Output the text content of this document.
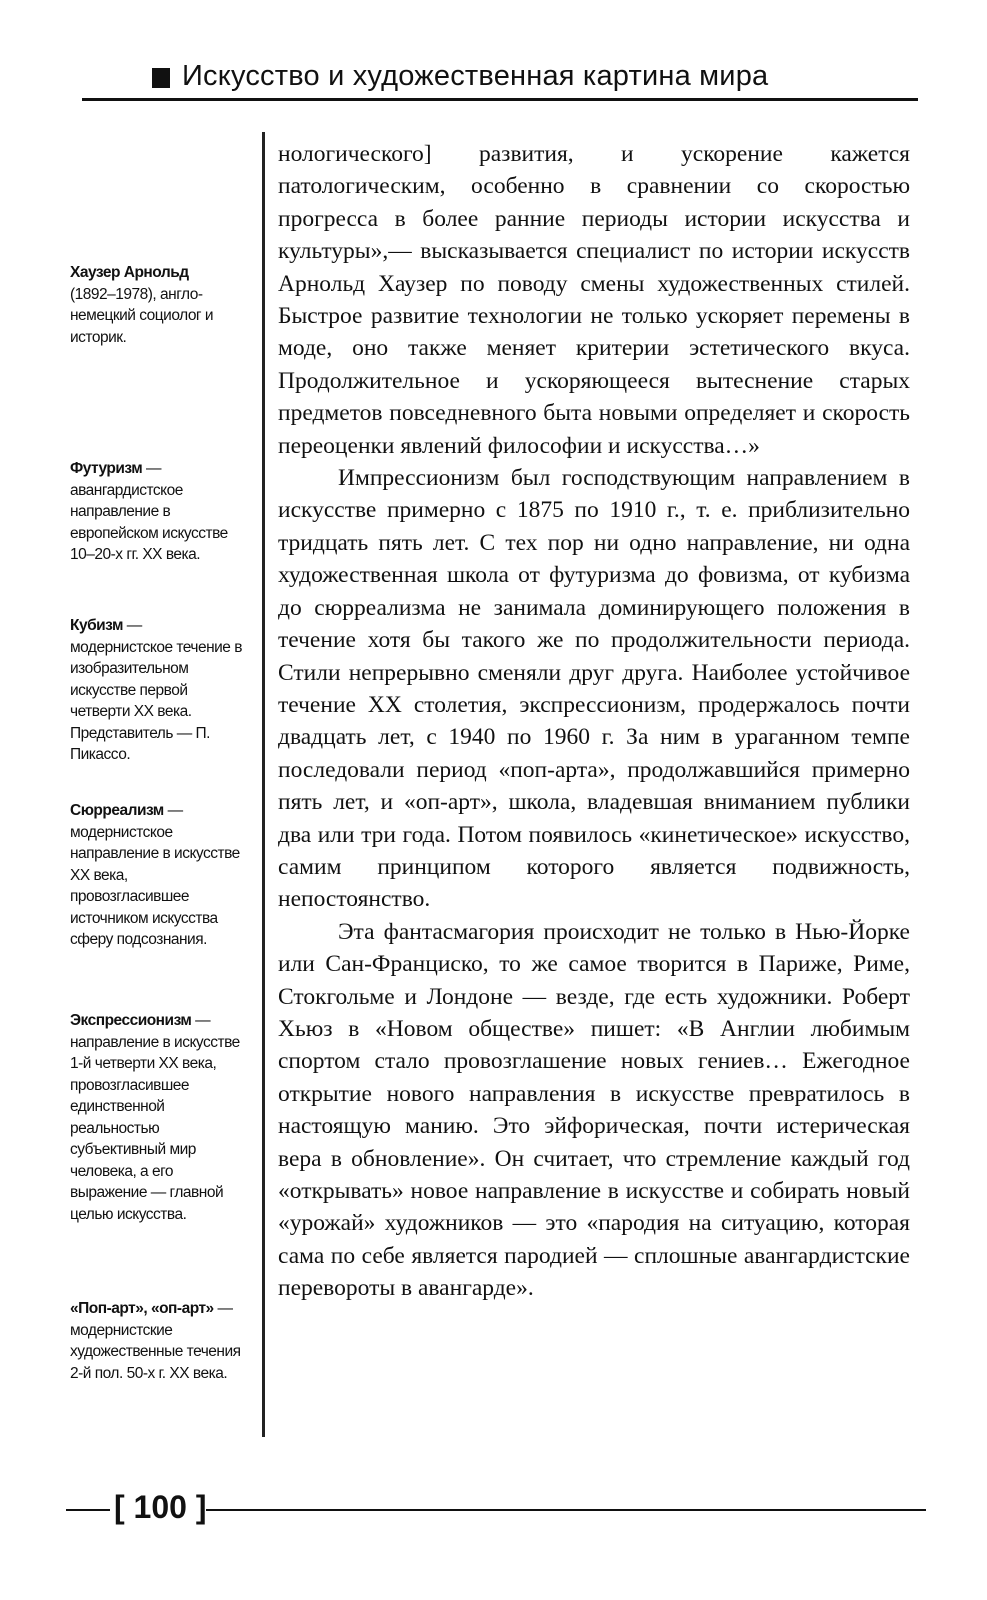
Искусство и художественная картина мира
Хаузер Арнольд
(1892–1978), англо-немецкий социолог и историк.
Футуризм — авангардистское направление в европейском искусстве 10–20-х гг. XX века.
Кубизм — модернистское течение в изобразительном искусстве первой четверти XX века. Представитель — П. Пикассо.
Сюрреализм — модернистское направление в искусстве XX века, провозгласившее источником искусства сферу подсознания.
Экспрессионизм — направление в искусстве 1-й четверти XX века, провозгласившее единственной реальностью субъективный мир человека, а его выражение — главной целью искусства.
«Поп-арт», «оп-арт» — модернистские художественные течения 2-й пол. 50-х г. XX века.

нологического] развития, и ускорение кажется патологическим, особенно в сравнении со скоростью прогресса в более ранние периоды истории искусства и культуры»,— высказывается специалист по истории искусств Арнольд Хаузер по поводу смены художественных стилей. Быстрое развитие технологии не только ускоряет перемены в моде, оно также меняет критерии эстетического вкуса. Продолжительное и ускоряющееся вытеснение старых предметов повседневного быта новыми определяет и скорость переоценки явлений философии и искусства…»

Импрессионизм был господствующим направлением в искусстве примерно с 1875 по 1910 г., т. е. приблизительно тридцать пять лет. С тех пор ни одно направление, ни одна художественная школа от футуризма до фовизма, от кубизма до сюрреализма не занимала доминирующего положения в течение хотя бы такого же по продолжительности периода. Стили непрерывно сменяли друг друга. Наиболее устойчивое течение XX столетия, экспрессионизм, продержалось почти двадцать лет, с 1940 по 1960 г. За ним в ураганном темпе последовали период «поп-арта», продолжавшийся примерно пять лет, и «оп-арт», школа, владевшая вниманием публики два или три года. Потом появилось «кинетическое» искусство, самим принципом которого является подвижность, непостоянство.

Эта фантасмагория происходит не только в Нью-Йорке или Сан-Франциско, то же самое творится в Париже, Риме, Стокгольме и Лондоне — везде, где есть художники. Роберт Хьюз в «Новом обществе» пишет: «В Англии любимым спортом стало провозглашение новых гениев… Ежегодное открытие нового направления в искусстве превратилось в настоящую манию. Это эйфорическая, почти истерическая вера в обновление». Он считает, что стремление каждый год «открывать» новое направление в искусстве и собирать новый «урожай» художников — это «пародия на ситуацию, которая сама по себе является пародией — сплошные авангардистские перевороты в авангарде».

[ 100 ]
